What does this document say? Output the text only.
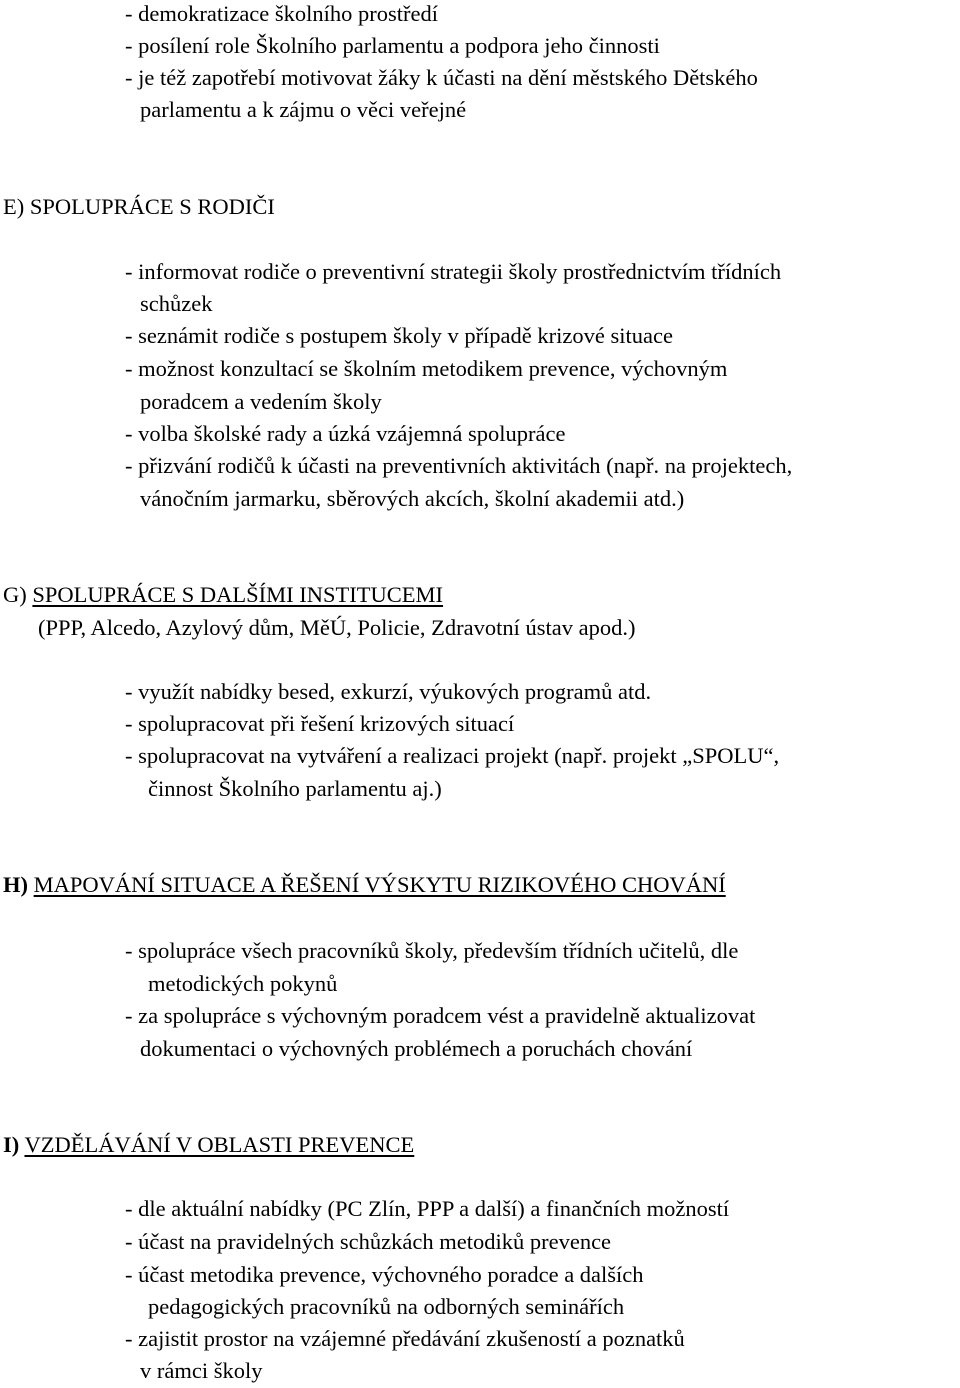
- demokratizace školního prostředí
- posílení role Školního parlamentu a podpora jeho činnosti
- je též zapotřebí motivovat žáky k účasti na dění městského Dětského
parlamentu a k zájmu o věci veřejné
E) SPOLUPRÁCE S RODIČI
- informovat rodiče o preventivní strategii školy prostřednictvím třídních
schůzek
- seznámit rodiče s postupem školy v případě krizové situace
- možnost konzultací se školním metodikem prevence, výchovným
poradcem a vedením školy
- volba školské rady a úzká vzájemná spolupráce
- přizvání rodičů k účasti na preventivních aktivitách (např. na projektech,
vánočním jarmarku, sběrových akcích, školní akademii atd.)
G) SPOLUPRÁCE S DALŠÍMI INSTITUCEMI
(PPP, Alcedo, Azylový dům, MěÚ, Policie, Zdravotní ústav apod.)
- využít nabídky besed, exkurzí, výukových programů atd.
- spolupracovat při řešení krizových situací
- spolupracovat na vytváření a realizaci projekt (např. projekt „SPOLU“,
činnost Školního parlamentu aj.)
H) MAPOVÁNÍ SITUACE A ŘEŠENÍ VÝSKYTU RIZIKOVÉHO CHOVÁNÍ
- spolupráce všech pracovníků školy, především třídních učitelů, dle
metodických pokynů
- za spolupráce s výchovným poradcem vést a pravidelně aktualizovat
dokumentaci o výchovných problémech a poruchách chování
I) VZDĚLÁVÁNÍ V OBLASTI PREVENCE
- dle aktuální nabídky (PC Zlín, PPP a další) a finančních možností
- účast na pravidelných schůzkách metodiků prevence
- účast metodika prevence, výchovného poradce a dalších
pedagogických pracovníků na odborných seminářích
- zajistit prostor na vzájemné předávání zkušeností a poznatků
v rámci školy
